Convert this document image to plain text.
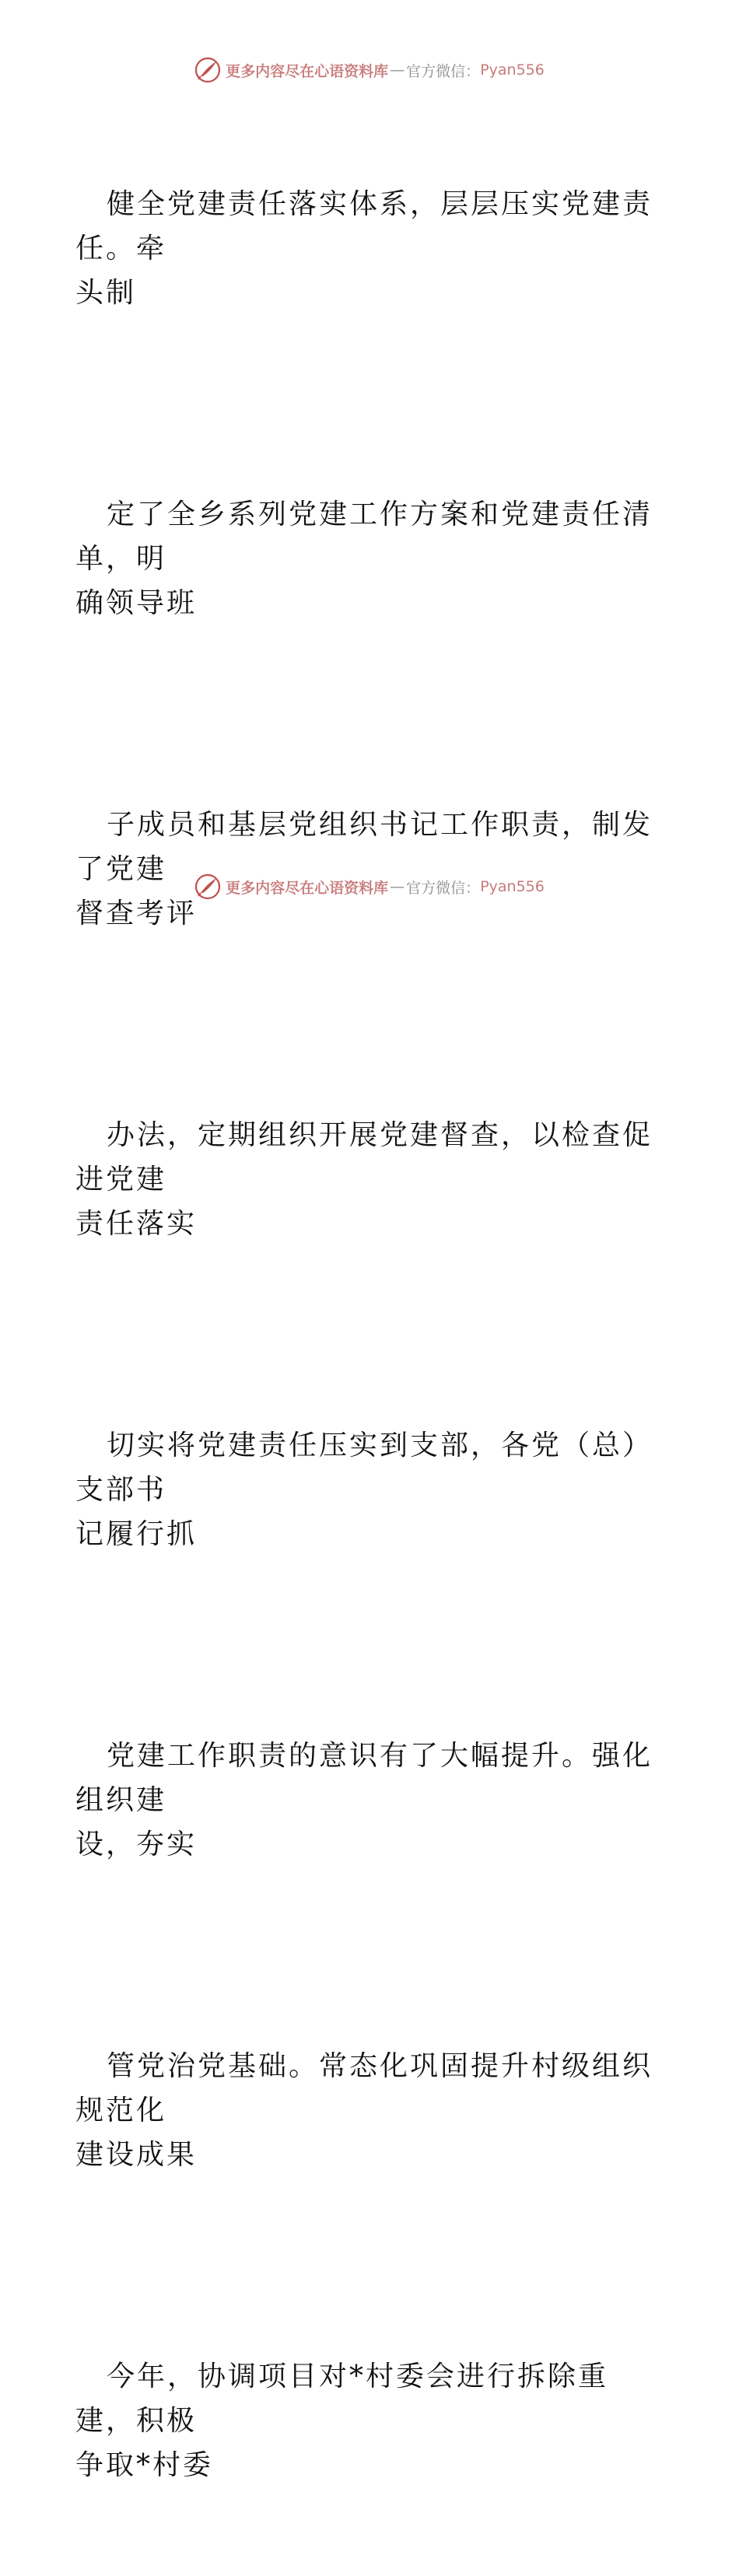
更多内容尽在心语资料库 — 官方微信： Pyan556

健全党建责任落实体系，层层压实党建责任。牵
头制

定了全乡系列党建工作方案和党建责任清单，明
确领导班

子成员和基层党组织书记工作职责，制发了党建
督查考评

办法，定期组织开展党建督查，以检查促进党建
责任落实

切实将党建责任压实到支部，各党（总）支部书
记履行抓

党建工作职责的意识有了大幅提升。强化组织建
设，夯实

管党治党基础。常态化巩固提升村级组织规范化
建设成果

今年，协调项目对*村委会进行拆除重建，积极
争取*村委

更多内容尽在心语资料库 — 官方微信： Pyan556
